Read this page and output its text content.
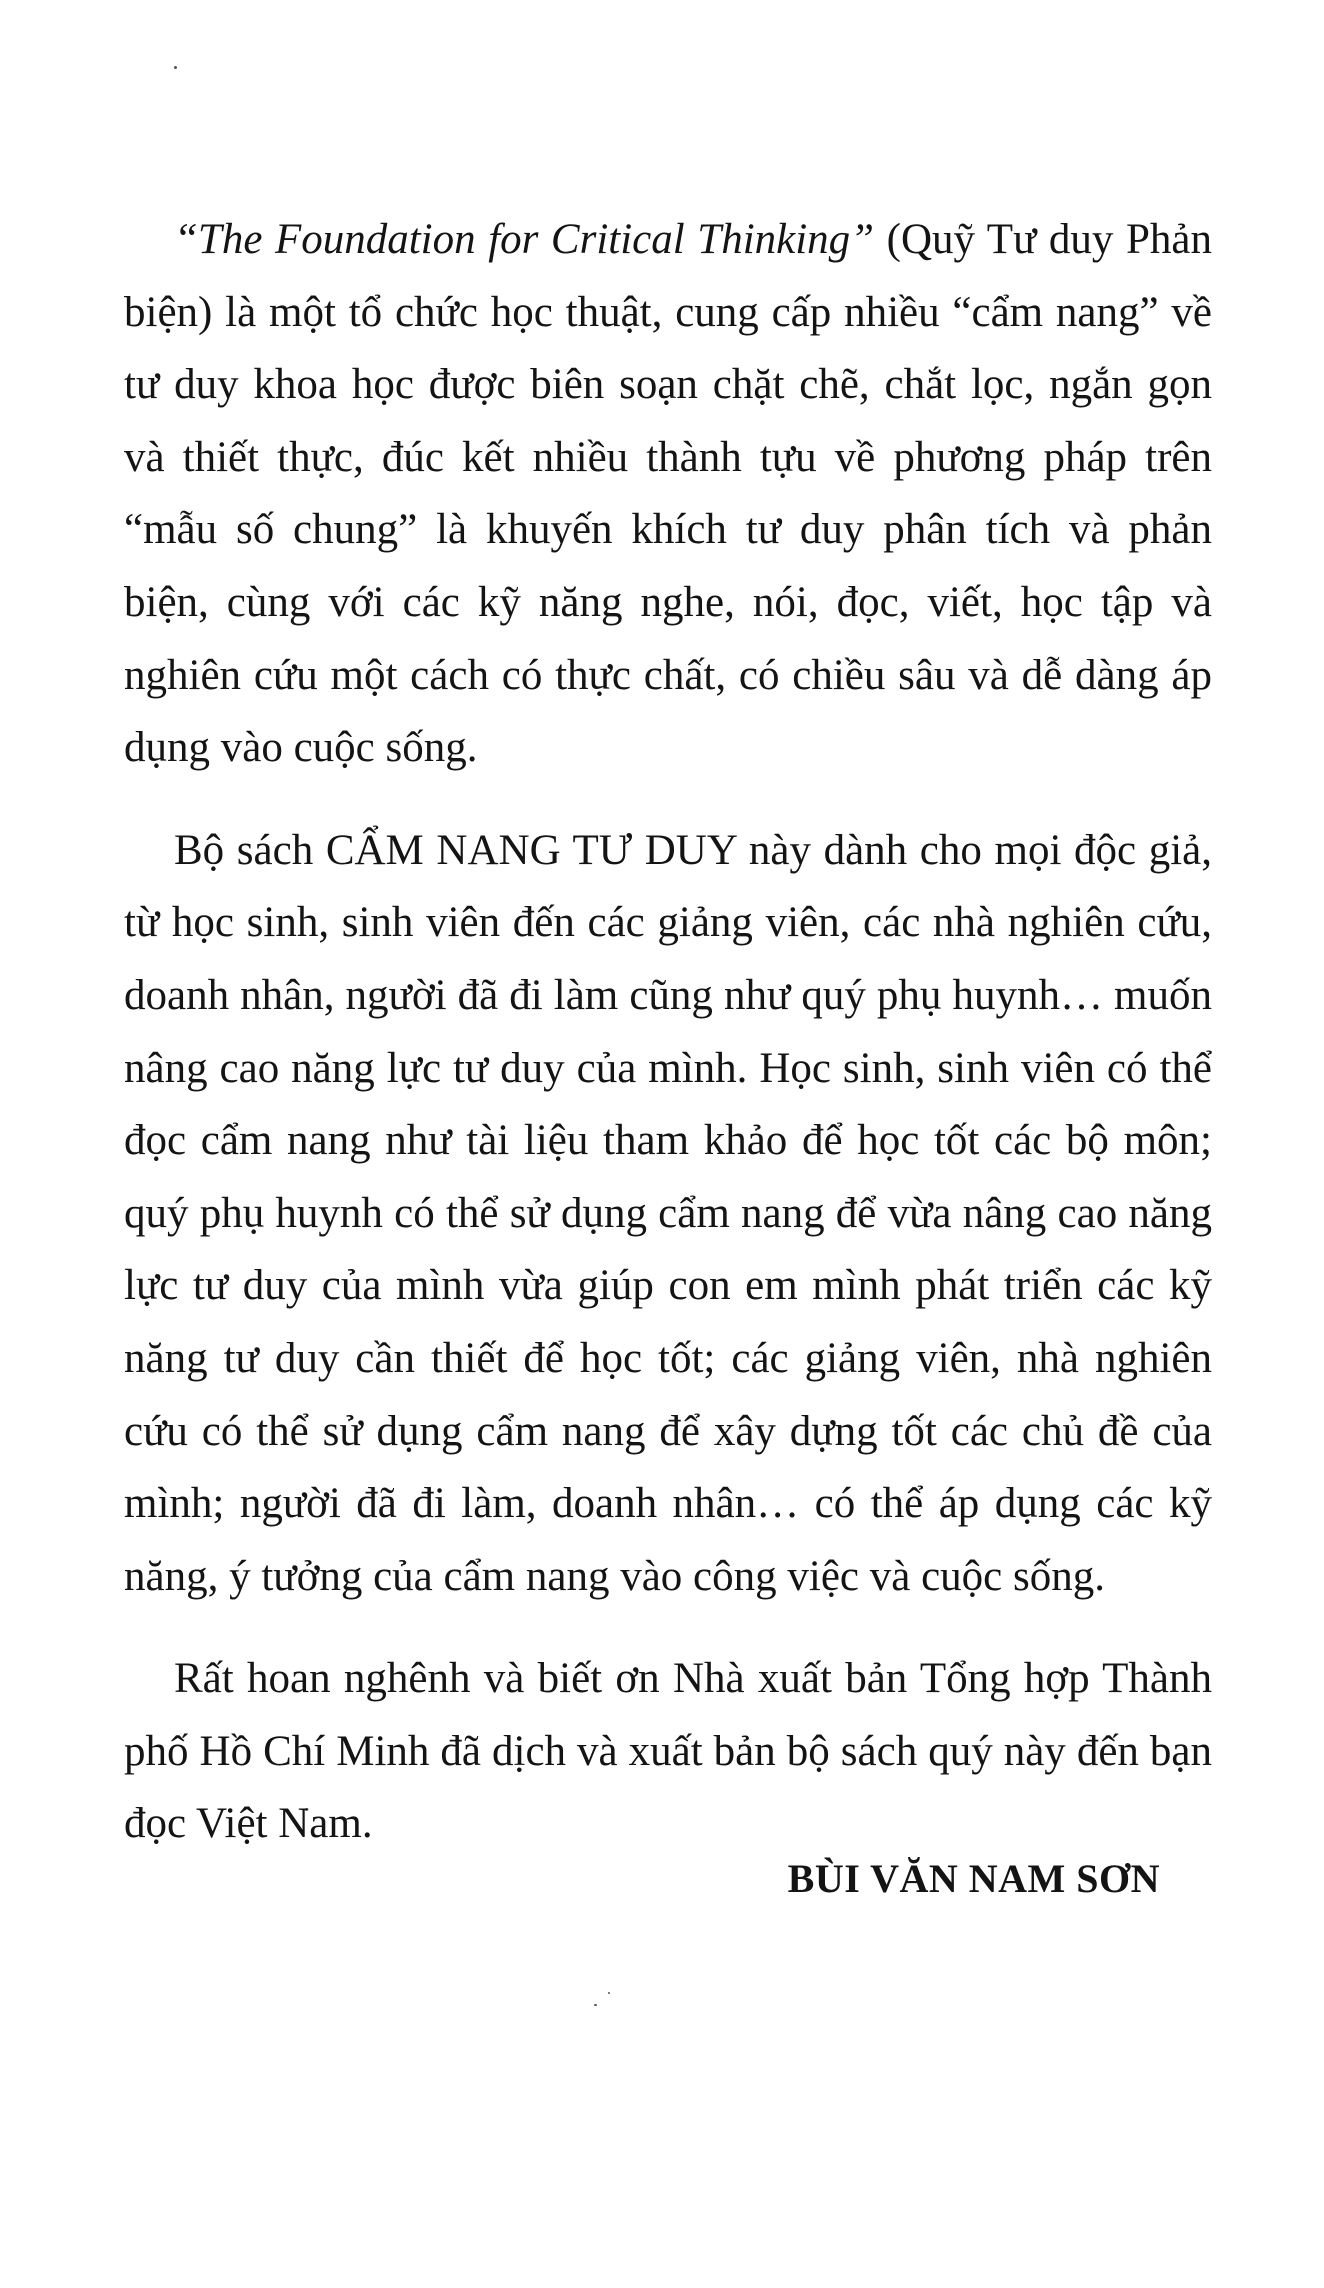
“The Foundation for Critical Thinking” (Quỹ Tư duy Phản biện) là một tổ chức học thuật, cung cấp nhiều “cẩm nang” về tư duy khoa học được biên soạn chặt chẽ, chắt lọc, ngắn gọn và thiết thực, đúc kết nhiều thành tựu về phương pháp trên “mẫu số chung” là khuyến khích tư duy phân tích và phản biện, cùng với các kỹ năng nghe, nói, đọc, viết, học tập và nghiên cứu một cách có thực chất, có chiều sâu và dễ dàng áp dụng vào cuộc sống.

Bộ sách CẨM NANG TƯ DUY này dành cho mọi độc giả, từ học sinh, sinh viên đến các giảng viên, các nhà nghiên cứu, doanh nhân, người đã đi làm cũng như quý phụ huynh… muốn nâng cao năng lực tư duy của mình. Học sinh, sinh viên có thể đọc cẩm nang như tài liệu tham khảo để học tốt các bộ môn; quý phụ huynh có thể sử dụng cẩm nang để vừa nâng cao năng lực tư duy của mình vừa giúp con em mình phát triển các kỹ năng tư duy cần thiết để học tốt; các giảng viên, nhà nghiên cứu có thể sử dụng cẩm nang để xây dựng tốt các chủ đề của mình; người đã đi làm, doanh nhân… có thể áp dụng các kỹ năng, ý tưởng của cẩm nang vào công việc và cuộc sống.

Rất hoan nghênh và biết ơn Nhà xuất bản Tổng hợp Thành phố Hồ Chí Minh đã dịch và xuất bản bộ sách quý này đến bạn đọc Việt Nam.

BÙI VĂN NAM SƠN
